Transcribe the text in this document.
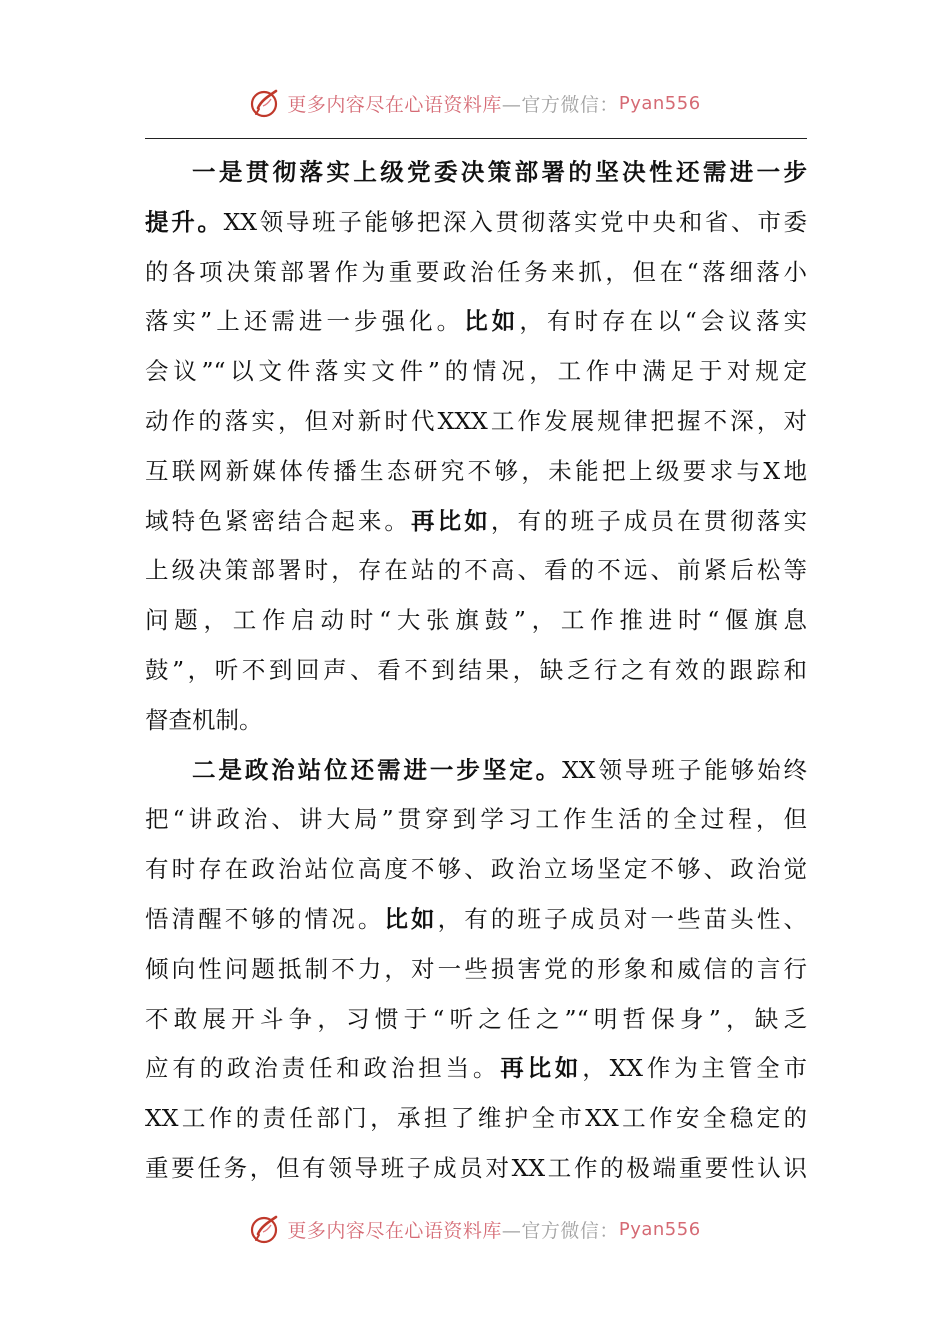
更多内容尽在心语资料库 —官方微信： Pyan556

一是贯彻落实上级党委决策部署的坚决性还需进一步
提升。XX领导班子能够把深入贯彻落实党中央和省、市委
的各项决策部署作为重要政治任务来抓，但在“落细落小
落实”上还需进一步强化。比如，有时存在以“会议落实
会议”“以文件落实文件”的情况，工作中满足于对规定
动作的落实，但对新时代XXX工作发展规律把握不深，对
互联网新媒体传播生态研究不够，未能把上级要求与X地
域特色紧密结合起来。再比如，有的班子成员在贯彻落实
上级决策部署时，存在站的不高、看的不远、前紧后松等
问题，工作启动时“大张旗鼓”，工作推进时“偃旗息
鼓”，听不到回声、看不到结果，缺乏行之有效的跟踪和
督查机制。

二是政治站位还需进一步坚定。XX领导班子能够始终
把“讲政治、讲大局”贯穿到学习工作生活的全过程，但
有时存在政治站位高度不够、政治立场坚定不够、政治觉
悟清醒不够的情况。比如，有的班子成员对一些苗头性、
倾向性问题抵制不力，对一些损害党的形象和威信的言行
不敢展开斗争，习惯于“听之任之”“明哲保身”，缺乏
应有的政治责任和政治担当。再比如，XX作为主管全市
XX工作的责任部门，承担了维护全市XX工作安全稳定的
重要任务，但有领导班子成员对XX工作的极端重要性认识

更多内容尽在心语资料库 —官方微信： Pyan556
